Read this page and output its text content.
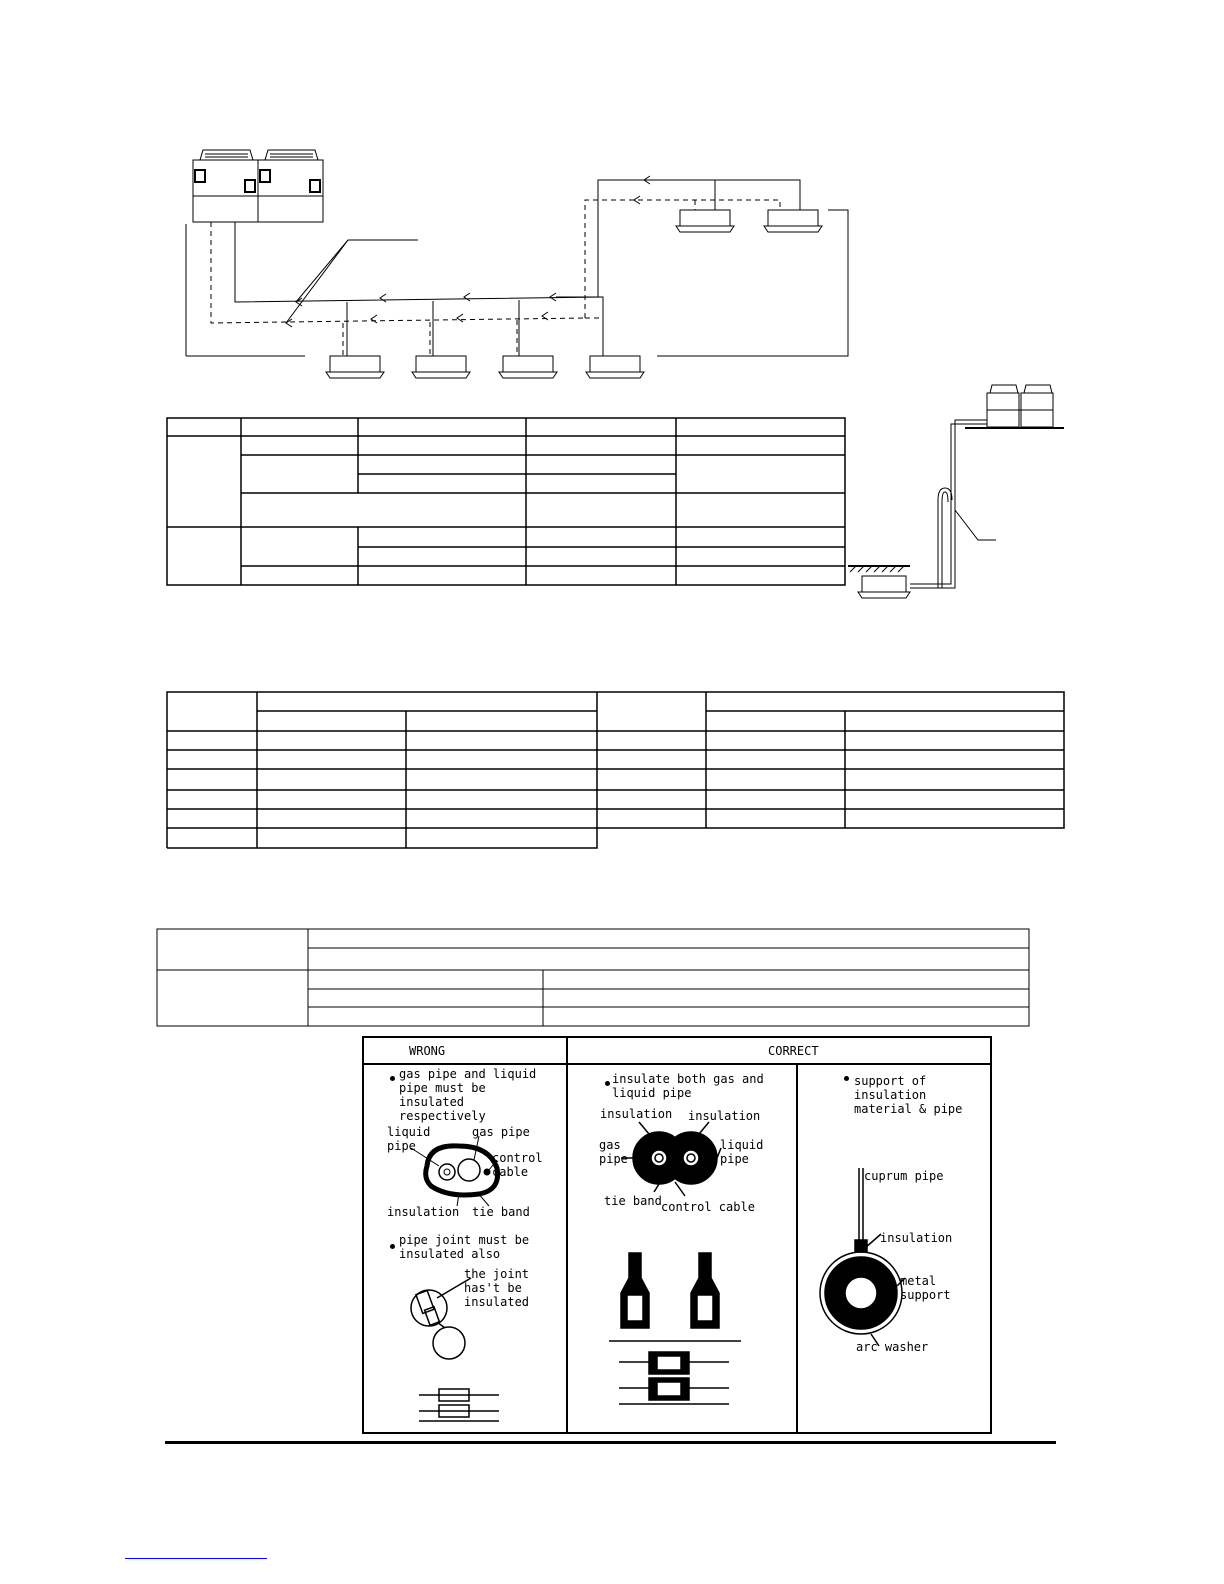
WRONG	CORRECT
gas pipe and liquid
pipe must be
insulated
respectively
liquid
pipe
gas pipe
control
cable
insulation tie band
pipe joint must be
insulated also
the joint
has't be
insulated
insulate both gas and
liquid pipe
insulation insulation
gas
pipe
liquid
pipe
tie band control cable
support of
insulation
material & pipe
cuprum pipe
insulation
metal
support
arc washer
